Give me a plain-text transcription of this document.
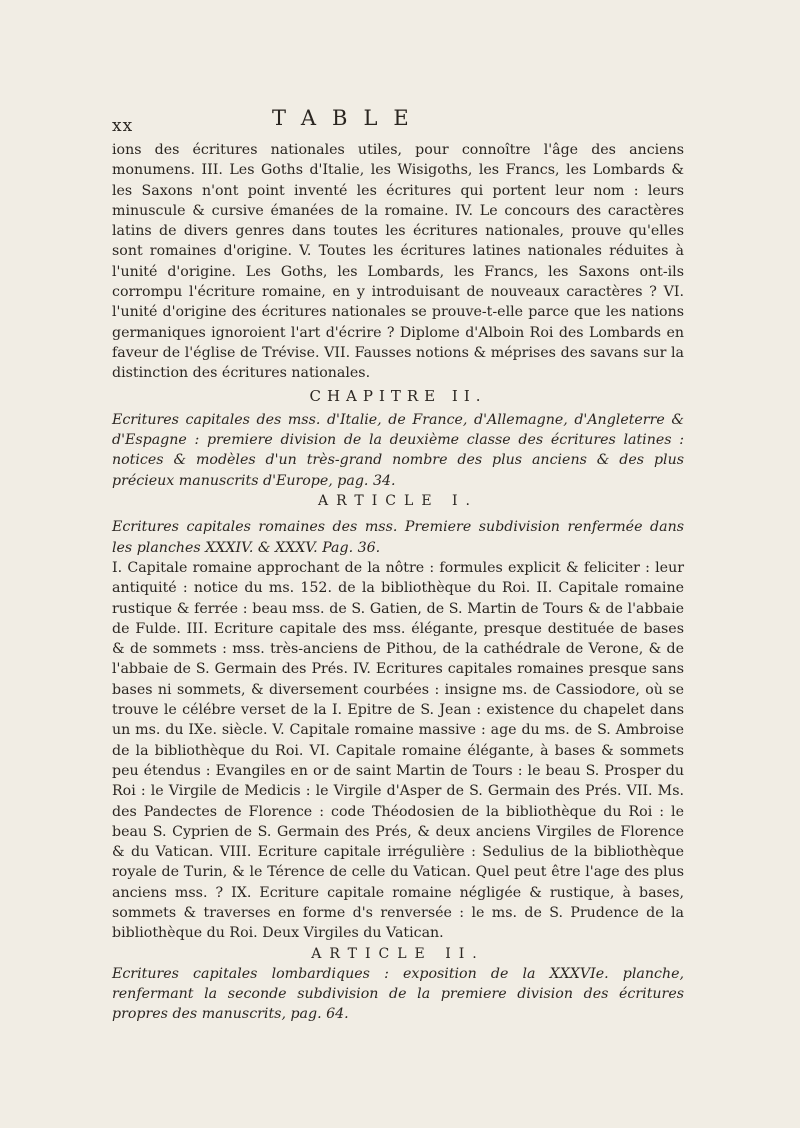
xx	TABLE

ions des écritures nationales utiles, pour connoître l'âge des anciens monumens. III. Les Goths d'Italie, les Wisigoths, les Francs, les Lombards & les Saxons n'ont point inventé les écritures qui portent leur nom : leurs minuscule & cursive émanées de la romaine. IV. Le concours des caractères latins de divers genres dans toutes les écritures nationales, prouve qu'elles sont romaines d'origine. V. Toutes les écritures latines nationales réduites à l'unité d'origine. Les Goths, les Lombards, les Francs, les Saxons ont-ils corrompu l'écriture romaine, en y introduisant de nouveaux caractères ? VI. l'unité d'origine des écritures nationales se prouve-t-elle parce que les nations germaniques ignoroient l'art d'écrire ? Diplome d'Alboin Roi des Lombards en faveur de l'église de Trévise. VII. Fausses notions & méprises des savans sur la distinction des écritures nationales.

CHAPITRE II.

Ecritures capitales des mss. d'Italie, de France, d'Allemagne, d'Angleterre & d'Espagne : premiere division de la deuxième classe des écritures latines : notices & modèles d'un très-grand nombre des plus anciens & des plus précieux manuscrits d'Europe, pag. 34.

ARTICLE I.

Ecritures capitales romaines des mss. Premiere subdivision renfermée dans les planches XXXIV. & XXXV. Pag. 36.

I. Capitale romaine approchant de la nôtre : formules explicit & feliciter : leur antiquité : notice du ms. 152. de la bibliothèque du Roi. II. Capitale romaine rustique & ferrée : beau mss. de S. Gatien, de S. Martin de Tours & de l'abbaie de Fulde. III. Ecriture capitale des mss. élégante, presque destituée de bases & de sommets : mss. très-anciens de Pithou, de la cathédrale de Verone, & de l'abbaie de S. Germain des Prés. IV. Ecritures capitales romaines presque sans bases ni sommets, & diversement courbées : insigne ms. de Cassiodore, où se trouve le célébre verset de la I. Epitre de S. Jean : existence du chapelet dans un ms. du IXe. siècle. V. Capitale romaine massive : age du ms. de S. Ambroise de la bibliothèque du Roi. VI. Capitale romaine élégante, à bases & sommets peu étendus : Evangiles en or de saint Martin de Tours : le beau S. Prosper du Roi : le Virgile de Medicis : le Virgile d'Asper de S. Germain des Prés. VII. Ms. des Pandectes de Florence : code Théodosien de la bibliothèque du Roi : le beau S. Cyprien de S. Germain des Prés, & deux anciens Virgiles de Florence & du Vatican. VIII. Ecriture capitale irrégulière : Sedulius de la bibliothèque royale de Turin, & le Térence de celle du Vatican. Quel peut être l'age des plus anciens mss. ? IX. Ecriture capitale romaine négligée & rustique, à bases, sommets & traverses en forme d's renversée : le ms. de S. Prudence de la bibliothèque du Roi. Deux Virgiles du Vatican.

ARTICLE II.

Ecritures capitales lombardiques : exposition de la XXXVIe. planche, renfermant la seconde subdivision de la premiere division des écritures propres des manuscrits, pag. 64.
